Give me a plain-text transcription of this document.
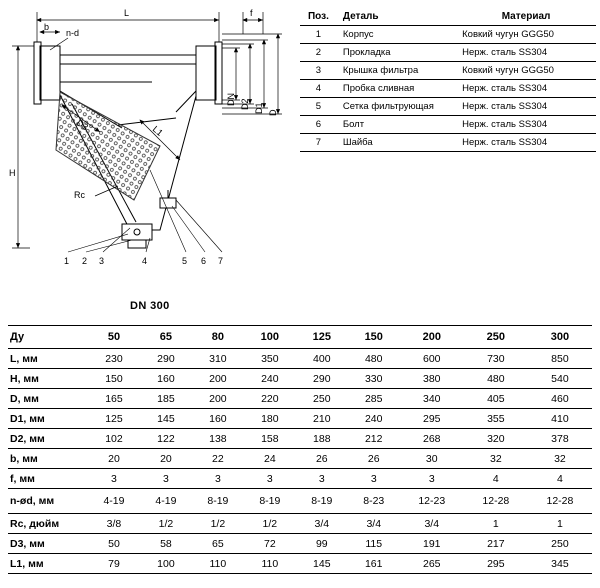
L	f
b
n-d
H
Rc
DN D2 D1 D
D3	L1
1 2 3	4	5 6 7
DN 300
Поз.	Деталь	Материал
1	Корпус	Ковкий чугун GGG50
2	Прокладка	Нерж. сталь SS304
3	Крышка фильтра	Ковкий чугун GGG50
4	Пробка сливная	Нерж. сталь SS304
5	Сетка фильтрующая	Нерж. сталь SS304
6	Болт	Нерж. сталь SS304
7	Шайба	Нерж. сталь SS304
Ду	50	65	80	100	125	150	200	250	300
L, мм	230	290	310	350	400	480	600	730	850
H, мм	150	160	200	240	290	330	380	480	540
D, мм	165	185	200	220	250	285	340	405	460
D1, мм	125	145	160	180	210	240	295	355	410
D2, мм	102	122	138	158	188	212	268	320	378
b, мм	20	20	22	24	26	26	30	32	32
f, мм	3	3	3	3	3	3	3	4	4
n-ød, мм	4-19	4-19	8-19	8-19	8-19	8-23	12-23	12-28	12-28
Rc, дюйм	3/8	1/2	1/2	1/2	3/4	3/4	3/4	1	1
D3, мм	50	58	65	72	99	115	191	217	250
L1, мм	79	100	110	110	145	161	265	295	345
